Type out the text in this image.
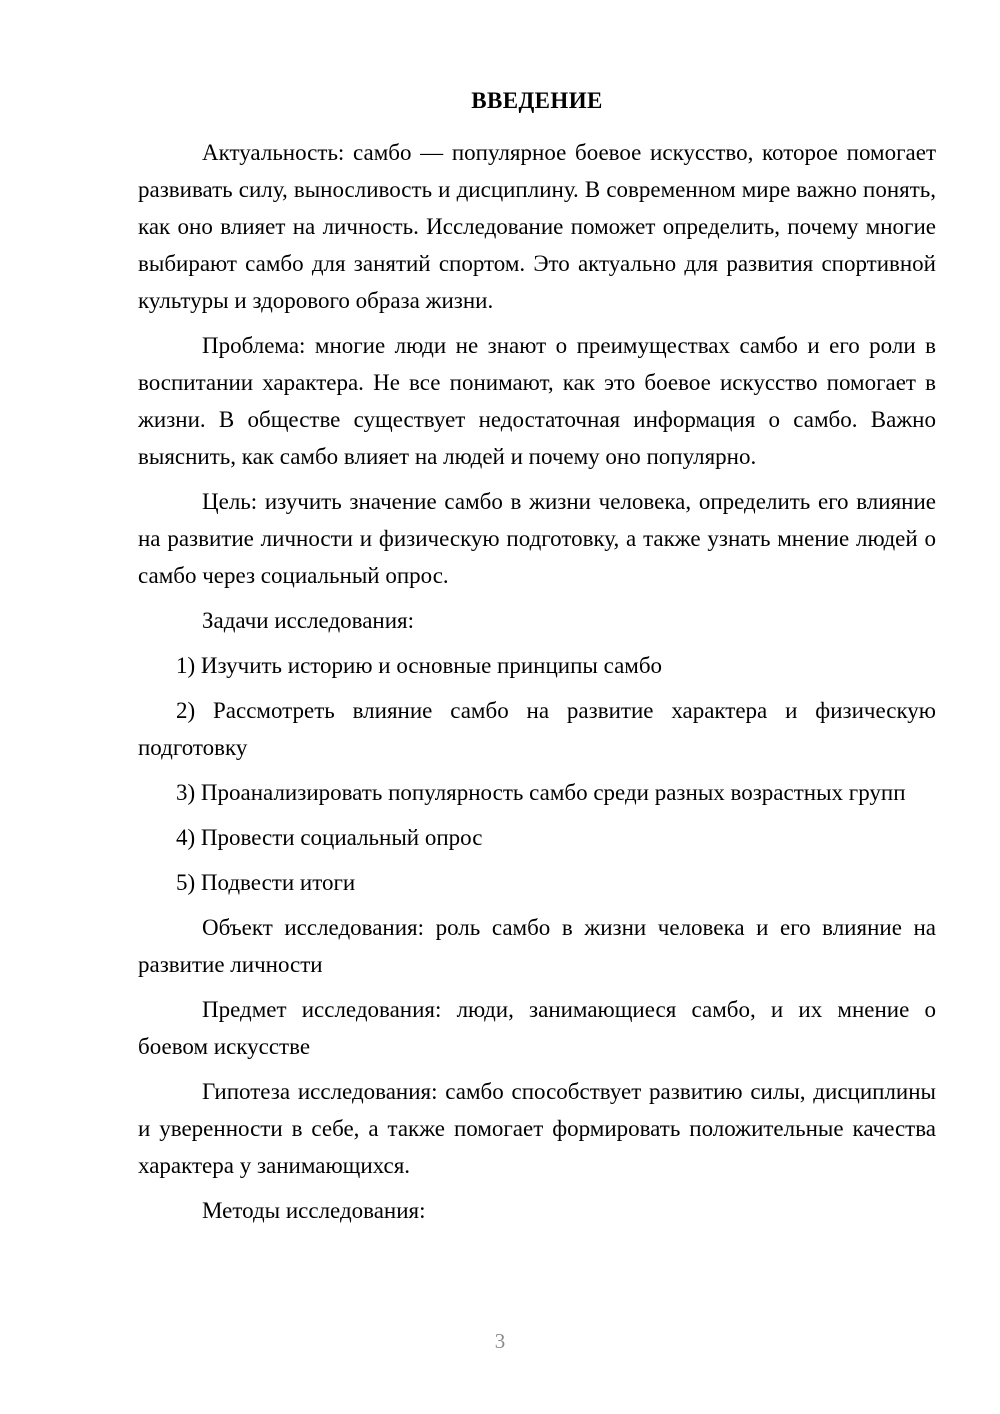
ВВЕДЕНИЕ

Актуальность: самбо — популярное боевое искусство, которое помогает развивать силу, выносливость и дисциплину. В современном мире важно понять, как оно влияет на личность. Исследование поможет определить, почему многие выбирают самбо для занятий спортом. Это актуально для развития спортивной культуры и здорового образа жизни.

Проблема: многие люди не знают о преимуществах самбо и его роли в воспитании характера. Не все понимают, как это боевое искусство помогает в жизни. В обществе существует недостаточная информация о самбо. Важно выяснить, как самбо влияет на людей и почему оно популярно.

Цель: изучить значение самбо в жизни человека, определить его влияние на развитие личности и физическую подготовку, а также узнать мнение людей о самбо через социальный опрос.

Задачи исследования:

1) Изучить историю и основные принципы самбо

2) Рассмотреть влияние самбо на развитие характера и физическую подготовку

3) Проанализировать популярность самбо среди разных возрастных групп

4) Провести социальный опрос

5) Подвести итоги

Объект исследования: роль самбо в жизни человека и его влияние на развитие личности

Предмет исследования: люди, занимающиеся самбо, и их мнение о боевом искусстве

Гипотеза исследования: самбо способствует развитию силы, дисциплины и уверенности в себе, а также помогает формировать положительные качества характера у занимающихся.

Методы исследования:

3
